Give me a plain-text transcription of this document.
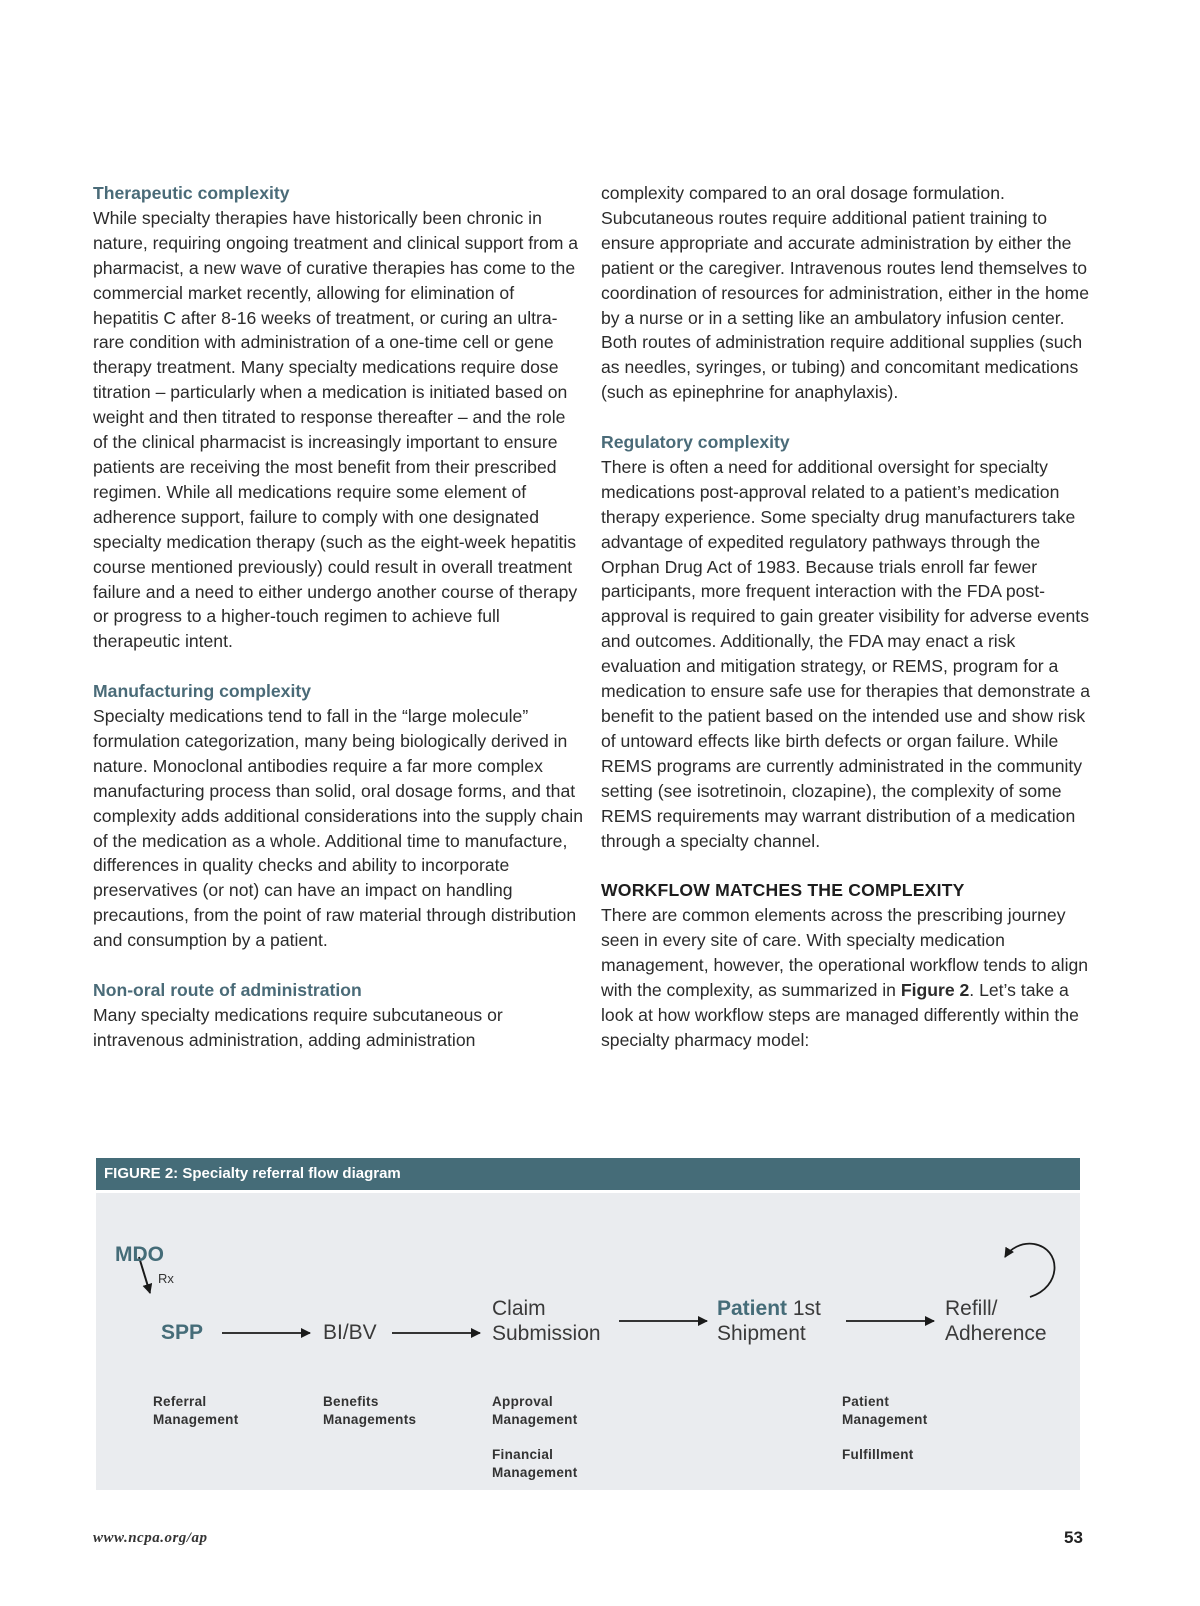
Therapeutic complexity

While specialty therapies have historically been chronic in nature, requiring ongoing treatment and clinical support from a pharmacist, a new wave of curative therapies has come to the commercial market recently, allowing for elimination of hepatitis C after 8-16 weeks of treatment, or curing an ultra-rare condition with administration of a one-time cell or gene therapy treatment. Many specialty medications require dose titration – particularly when a medication is initiated based on weight and then titrated to response thereafter – and the role of the clinical pharmacist is increasingly important to ensure patients are receiving the most benefit from their prescribed regimen. While all medications require some element of adherence support, failure to comply with one designated specialty medication therapy (such as the eight-week hepatitis course mentioned previously) could result in overall treatment failure and a need to either undergo another course of therapy or progress to a higher-touch regimen to achieve full therapeutic intent.

Manufacturing complexity

Specialty medications tend to fall in the “large molecule” formulation categorization, many being biologically derived in nature. Monoclonal antibodies require a far more complex manufacturing process than solid, oral dosage forms, and that complexity adds additional considerations into the supply chain of the medication as a whole. Additional time to manufacture, differences in quality checks and ability to incorporate preservatives (or not) can have an impact on handling precautions, from the point of raw material through distribution and consumption by a patient.

Non-oral route of administration

Many specialty medications require subcutaneous or intravenous administration, adding administration

complexity compared to an oral dosage formulation. Subcutaneous routes require additional patient training to ensure appropriate and accurate administration by either the patient or the caregiver. Intravenous routes lend themselves to coordination of resources for administration, either in the home by a nurse or in a setting like an ambulatory infusion center. Both routes of administration require additional supplies (such as needles, syringes, or tubing) and concomitant medications (such as epinephrine for anaphylaxis).

Regulatory complexity

There is often a need for additional oversight for specialty medications post-approval related to a patient’s medication therapy experience. Some specialty drug manufacturers take advantage of expedited regulatory pathways through the Orphan Drug Act of 1983. Because trials enroll far fewer participants, more frequent interaction with the FDA post-approval is required to gain greater visibility for adverse events and outcomes. Additionally, the FDA may enact a risk evaluation and mitigation strategy, or REMS, program for a medication to ensure safe use for therapies that demonstrate a benefit to the patient based on the intended use and show risk of untoward effects like birth defects or organ failure. While REMS programs are currently administrated in the community setting (see isotretinoin, clozapine), the complexity of some REMS requirements may warrant distribution of a medication through a specialty channel.

WORKFLOW MATCHES THE COMPLEXITY

There are common elements across the prescribing journey seen in every site of care. With specialty medication management, however, the operational workflow tends to align with the complexity, as summarized in Figure 2. Let’s take a look at how workflow steps are managed differently within the specialty pharmacy model:

FIGURE 2: Specialty referral flow diagram
MDO
Rx
SPP	BI/BV
Claim
Submission
Patient 1st
Shipment
Refill/
Adherence
Referral
Management
Benefits
Managements
Approval
Management
Financial
Management
Patient
Management
Fulfillment
www.ncpa.org/ap	53
